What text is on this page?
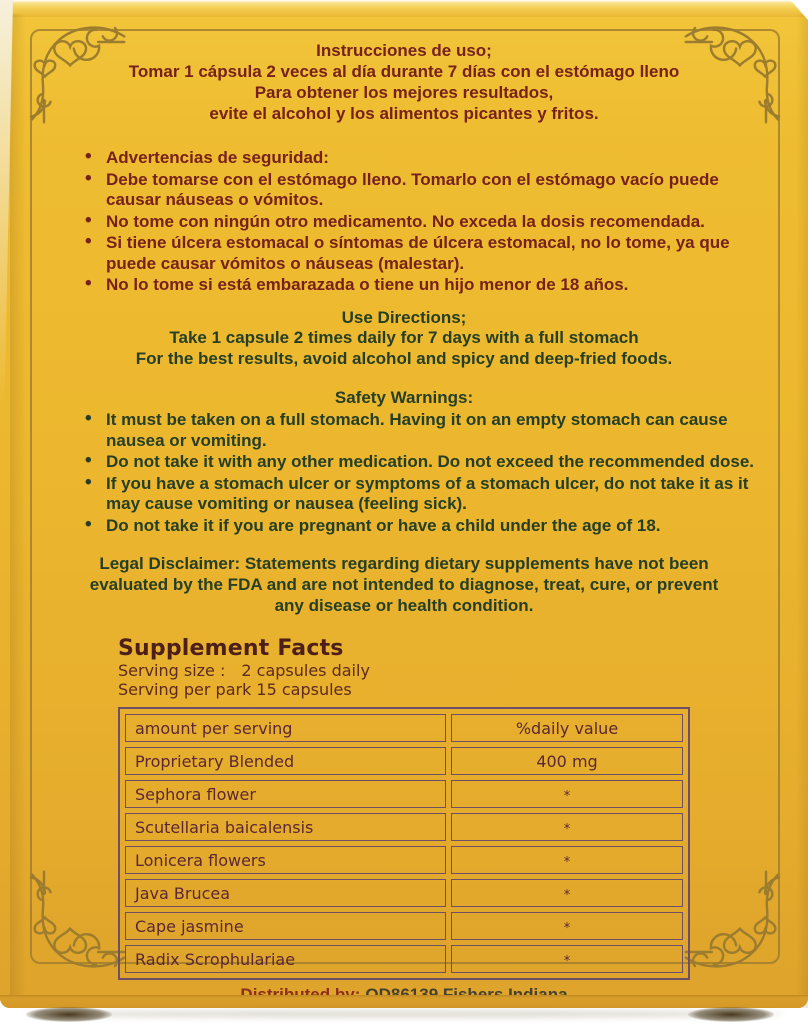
Instrucciones de uso;
Tomar 1 cápsula 2 veces al día durante 7 días con el estómago lleno
Para obtener los mejores resultados,
evite el alcohol y los alimentos picantes y fritos.
• Advertencias de seguridad:
• Debe tomarse con el estómago lleno. Tomarlo con el estómago vacío puede causar náuseas o vómitos.
• No tome con ningún otro medicamento. No exceda la dosis recomendada.
• Si tiene úlcera estomacal o síntomas de úlcera estomacal, no lo tome, ya que puede causar vómitos o náuseas (malestar).
• No lo tome si está embarazada o tiene un hijo menor de 18 años.
Use Directions;
Take 1 capsule 2 times daily for 7 days with a full stomach
For the best results, avoid alcohol and spicy and deep-fried foods.
Safety Warnings:
• It must be taken on a full stomach. Having it on an empty stomach can cause nausea or vomiting.
• Do not take it with any other medication. Do not exceed the recommended dose.
• If you have a stomach ulcer or symptoms of a stomach ulcer, do not take it as it may cause vomiting or nausea (feeling sick).
• Do not take it if you are pregnant or have a child under the age of 18.
Legal Disclaimer: Statements regarding dietary supplements have not been evaluated by the FDA and are not intended to diagnose, treat, cure, or prevent any disease or health condition.
Supplement Facts
Serving size : 2 capsules daily
Serving per park 15 capsules
amount per serving	%daily value
Proprietary Blended	400 mg
Sephora flower	*
Scutellaria baicalensis	*
Lonicera flowers	*
Java Brucea	*
Cape jasmine	*
Radix Scrophulariae	*
